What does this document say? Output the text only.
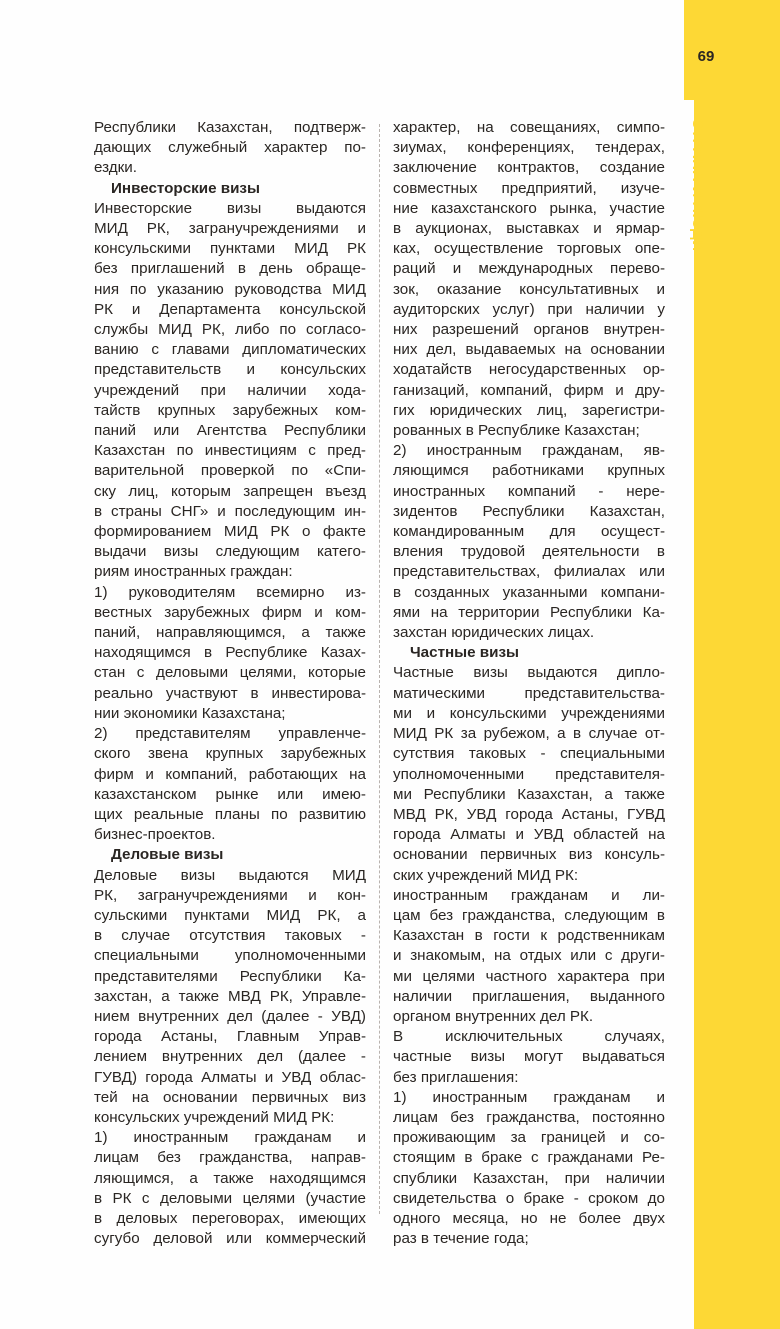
69
СТРАНА И ЛЮДИ
Республики Казахстан, подтверж-
дающих служебный характер по-
ездки.
Инвесторские визы
Инвесторские визы выдаются
МИД РК, загранучреждениями и
консульскими пунктами МИД РК
без приглашений в день обраще-
ния по указанию руководства МИД
РК и Департамента консульской
службы МИД РК, либо по согласо-
ванию с главами дипломатических
представительств и консульских
учреждений при наличии хода-
тайств крупных зарубежных ком-
паний или Агентства Республики
Казахстан по инвестициям с пред-
варительной проверкой по «Спи-
ску лиц, которым запрещен въезд
в страны СНГ» и последующим ин-
формированием МИД РК о факте
выдачи визы следующим катего-
риям иностранных граждан:
1) руководителям всемирно из-
вестных зарубежных фирм и ком-
паний, направляющимся, а также
находящимся в Республике Казах-
стан с деловыми целями, которые
реально участвуют в инвестирова-
нии экономики Казахстана;
2) представителям управленче-
ского звена крупных зарубежных
фирм и компаний, работающих на
казахстанском рынке или имею-
щих реальные планы по развитию
бизнес-проектов.
Деловые визы
Деловые визы выдаются МИД
РК, загранучреждениями и кон-
сульскими пунктами МИД РК, а
в случае отсутствия таковых -
специальными уполномоченными
представителями Республики Ка-
захстан, а также МВД РК, Управле-
нием внутренних дел (далее - УВД)
города Астаны, Главным Управ-
лением внутренних дел (далее -
ГУВД) города Алматы и УВД облас-
тей на основании первичных виз
консульских учреждений МИД РК:
1) иностранным гражданам и
лицам без гражданства, направ-
ляющимся, а также находящимся
в РК с деловыми целями (участие
в деловых переговорах, имеющих
сугубо деловой или коммерческий
характер, на совещаниях, симпо-
зиумах, конференциях, тендерах,
заключение контрактов, создание
совместных предприятий, изуче-
ние казахстанского рынка, участие
в аукционах, выставках и ярмар-
ках, осуществление торговых опе-
раций и международных перево-
зок, оказание консультативных и
аудиторских услуг) при наличии у
них разрешений органов внутрен-
них дел, выдаваемых на основании
ходатайств негосударственных ор-
ганизаций, компаний, фирм и дру-
гих юридических лиц, зарегистри-
рованных в Республике Казахстан;
2) иностранным гражданам, яв-
ляющимся работниками крупных
иностранных компаний - нере-
зидентов Республики Казахстан,
командированным для осущест-
вления трудовой деятельности в
представительствах, филиалах или
в созданных указанными компани-
ями на территории Республики Ка-
захстан юридических лицах.
Частные визы
Частные визы выдаются дипло-
матическими представительства-
ми и консульскими учреждениями
МИД РК за рубежом, а в случае от-
сутствия таковых - специальными
уполномоченными представителя-
ми Республики Казахстан, а также
МВД РК, УВД города Астаны, ГУВД
города Алматы и УВД областей на
основании первичных виз консуль-
ских учреждений МИД РК:
иностранным гражданам и ли-
цам без гражданства, следующим в
Казахстан в гости к родственникам
и знакомым, на отдых или с други-
ми целями частного характера при
наличии приглашения, выданного
органом внутренних дел РК.
В исключительных случаях,
частные визы могут выдаваться
без приглашения:
1) иностранным гражданам и
лицам без гражданства, постоянно
проживающим за границей и со-
стоящим в браке с гражданами Ре-
спублики Казахстан, при наличии
свидетельства о браке - сроком до
одного месяца, но не более двух
раз в течение года;
